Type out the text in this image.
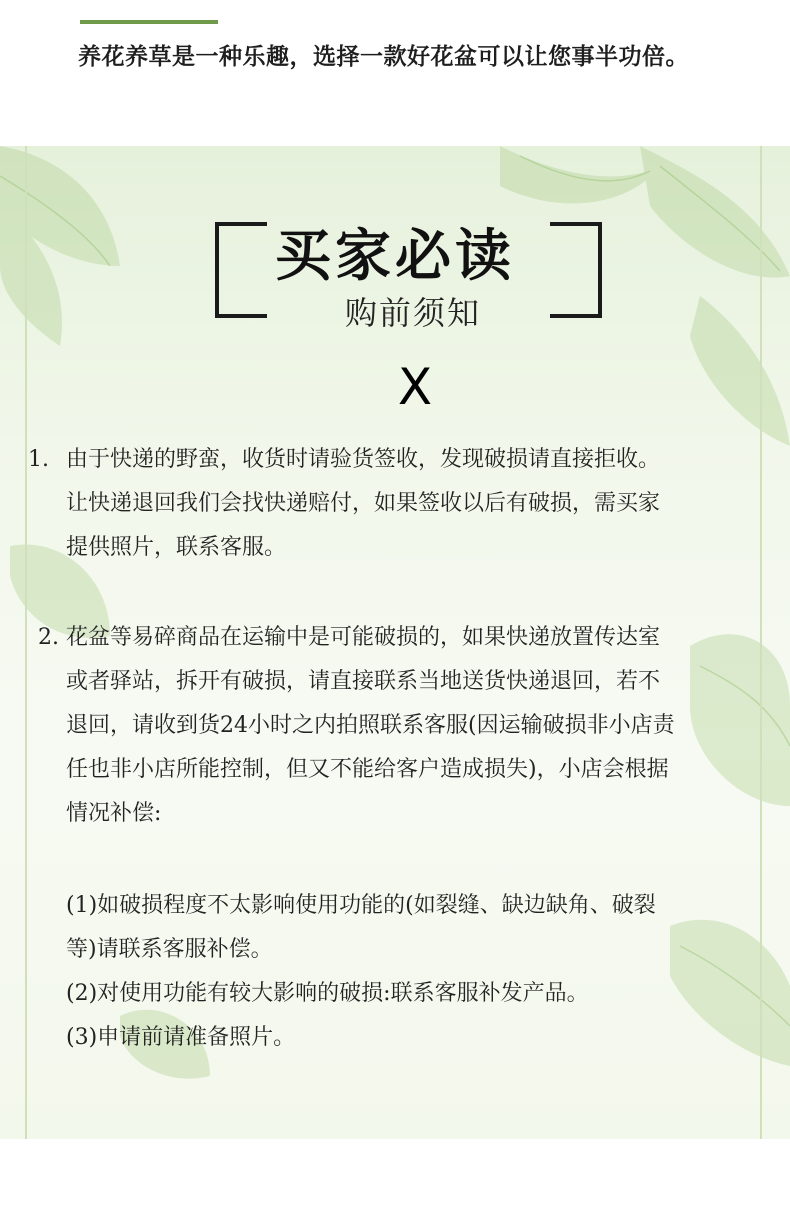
养花养草是一种乐趣，选择一款好花盆可以让您事半功倍。
买家必读
购前须知
X
1. 由于快递的野蛮，收货时请验货签收，发现破损请直接拒收。
让快递退回我们会找快递赔付，如果签收以后有破损，需买家
提供照片，联系客服。
2. 花盆等易碎商品在运输中是可能破损的，如果快递放置传达室
或者驿站，拆开有破损，请直接联系当地送货快递退回，若不
退回，请收到货24小时之内拍照联系客服(因运输破损非小店责
任也非小店所能控制，但又不能给客户造成损失)，小店会根据
情况补偿:
(1)如破损程度不太影响使用功能的(如裂缝、缺边缺角、破裂
等)请联系客服补偿。
(2)对使用功能有较大影响的破损:联系客服补发产品。
(3)申请前请准备照片。
